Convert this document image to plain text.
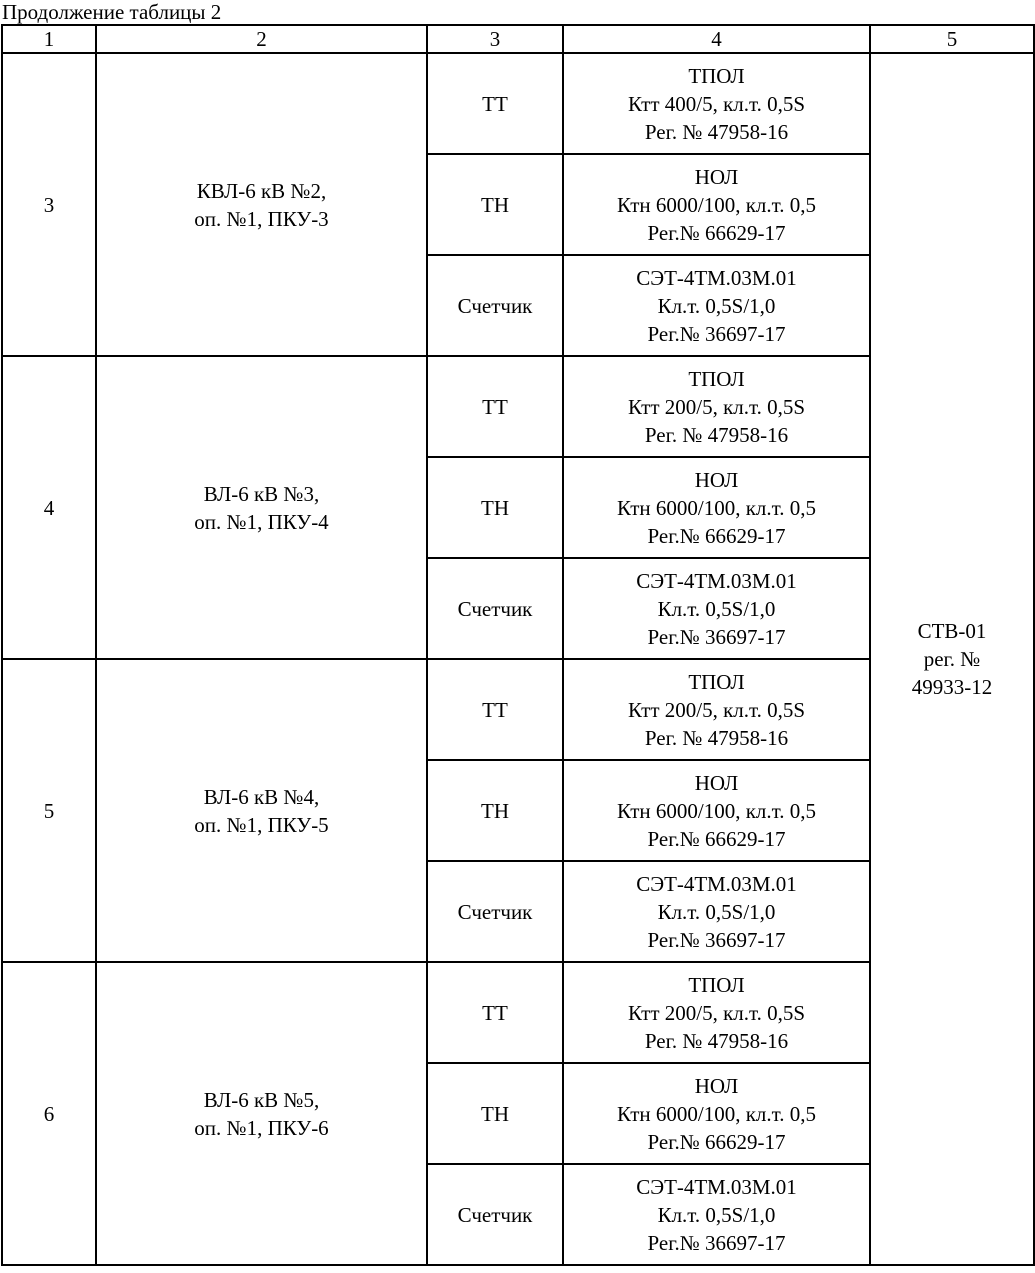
Продолжение таблицы 2
1	2	3	4	5
3	КВЛ-6 кВ №2,
оп. №1, ПКУ-3	ТТ	ТПОЛ
Ктт 400/5, кл.т. 0,5S
Рег. № 47958-16	СТВ-01
рег. №
49933-12

		ТН	НОЛ
Ктн 6000/100, кл.т. 0,5
Рег.№ 66629-17	

		Счетчик	СЭТ-4ТМ.03М.01
Кл.т. 0,5S/1,0
Рег.№ 36697-17	

4	ВЛ-6 кВ №3,
оп. №1, ПКУ-4	ТТ	ТПОЛ
Ктт 200/5, кл.т. 0,5S
Рег. № 47958-16	

		ТН	НОЛ
Ктн 6000/100, кл.т. 0,5
Рег.№ 66629-17	

		Счетчик	СЭТ-4ТМ.03М.01
Кл.т. 0,5S/1,0
Рег.№ 36697-17	

5	ВЛ-6 кВ №4,
оп. №1, ПКУ-5	ТТ	ТПОЛ
Ктт 200/5, кл.т. 0,5S
Рег. № 47958-16	

		ТН	НОЛ
Ктн 6000/100, кл.т. 0,5
Рег.№ 66629-17	

		Счетчик	СЭТ-4ТМ.03М.01
Кл.т. 0,5S/1,0
Рег.№ 36697-17	

6	ВЛ-6 кВ №5,
оп. №1, ПКУ-6	ТТ	ТПОЛ
Ктт 200/5, кл.т. 0,5S
Рег. № 47958-16	

		ТН	НОЛ
Ктн 6000/100, кл.т. 0,5
Рег.№ 66629-17	

		Счетчик	СЭТ-4ТМ.03М.01
Кл.т. 0,5S/1,0
Рег.№ 36697-17	
